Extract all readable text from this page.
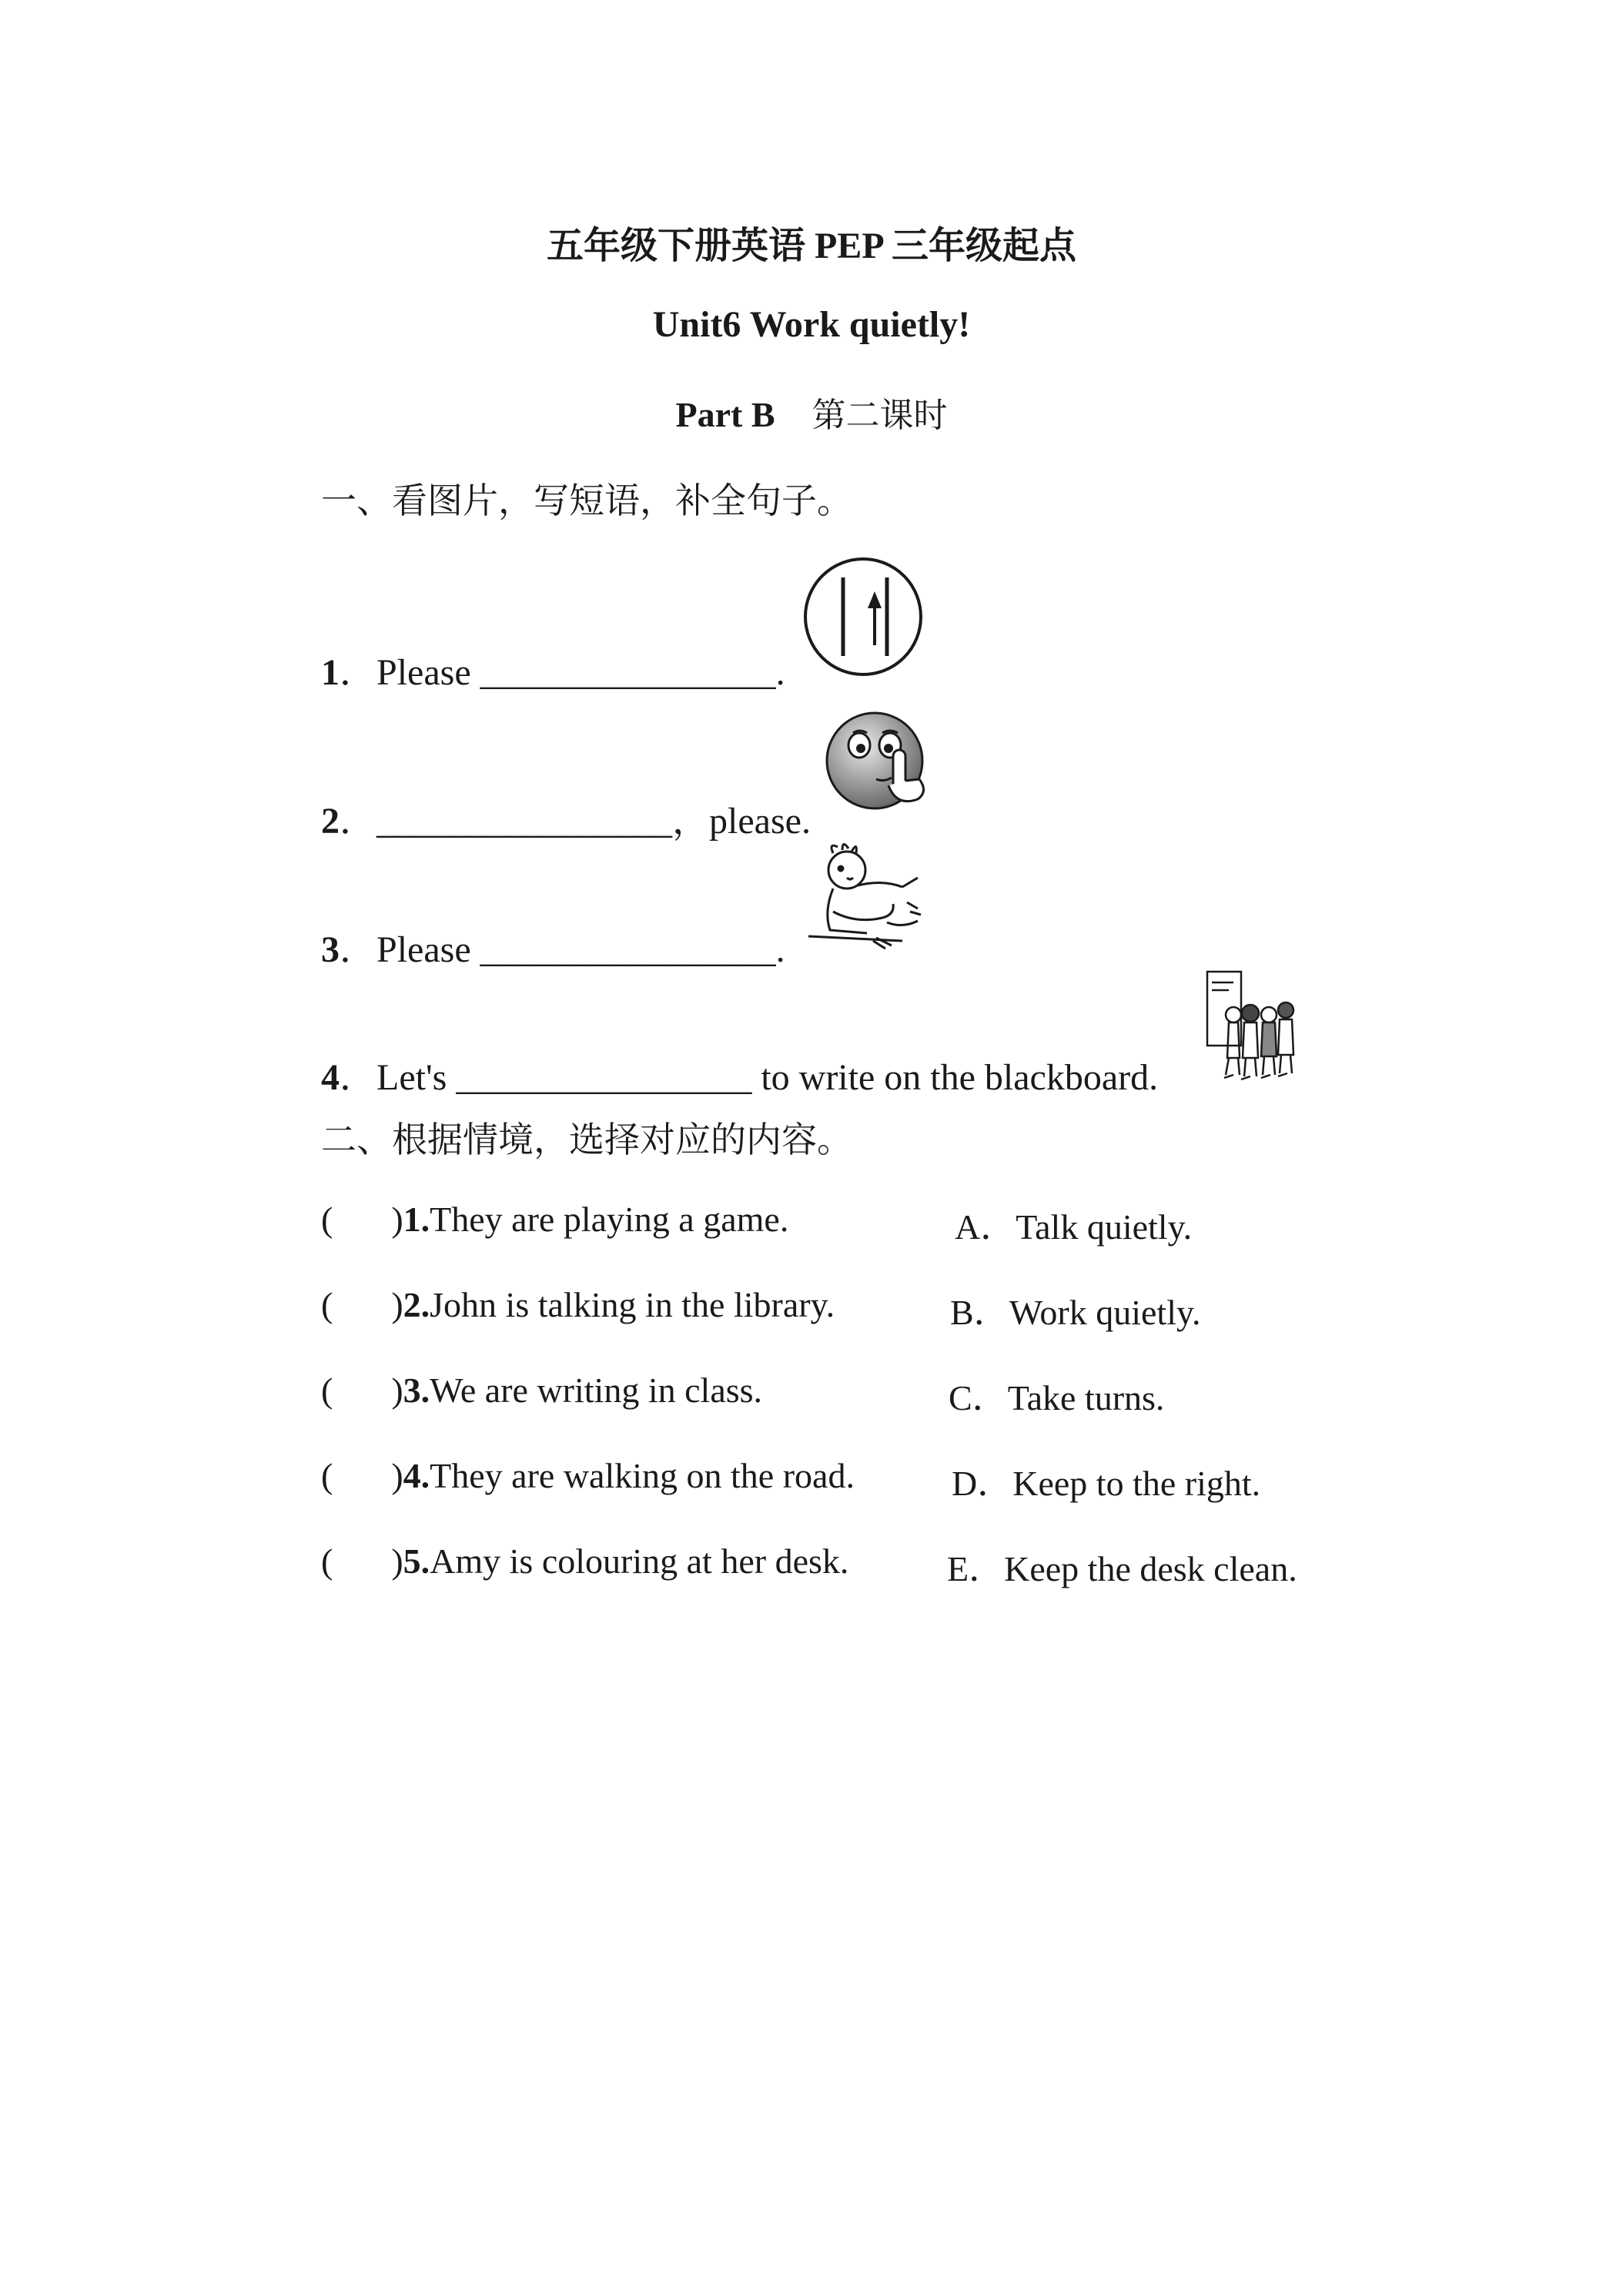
五年级下册英语 PEP 三年级起点
Unit6 Work quietly!
Part B 第二课时
一、看图片，写短语，补全句子。
1．Please ________________.
2．________________，please.
3．Please ________________.
4．Let's ________________ to write on the blackboard.
二、根据情境，选择对应的内容。
( )1.They are playing a game.	A．Talk quietly.
( )2.John is talking in the library.	B．Work quietly.
( )3.We are writing in class.	C．Take turns.
( )4.They are walking on the road.	D．Keep to the right.
( )5.Amy is colouring at her desk.	E．Keep the desk clean.
